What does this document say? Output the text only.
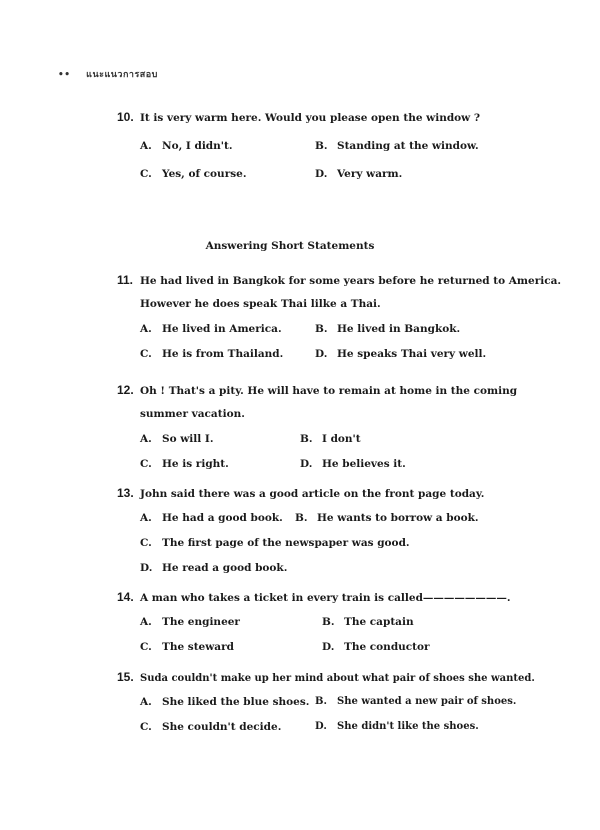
•• แนะแนวการสอบ
10. It is very warm here. Would you please open the window ?
A. No, I didn't.	B. Standing at the window.
C. Yes, of course.	D. Very warm.
Answering Short Statements
11. He had lived in Bangkok for some years before he returned to America.
However he does speak Thai lilke a Thai.
A. He lived in America.	B. He lived in Bangkok.
C. He is from Thailand.	D. He speaks Thai very well.
12. Oh ! That's a pity. He will have to remain at home in the coming
summer vacation.
A. So will I.	B. I don't
C. He is right.	D. He believes it.
13. John said there was a good article on the front page today.
A. He had a good book. B. He wants to borrow a book.
C. The first page of the newspaper was good.
D. He read a good book.
14. A man who takes a ticket in every train is called————————.
A. The engineer	B. The captain
C. The steward	D. The conductor
15. Suda couldn't make up her mind about what pair of shoes she wanted.
A. She liked the blue shoes. B. She wanted a new pair of shoes.
C. She couldn't decide.	D. She didn't like the shoes.
